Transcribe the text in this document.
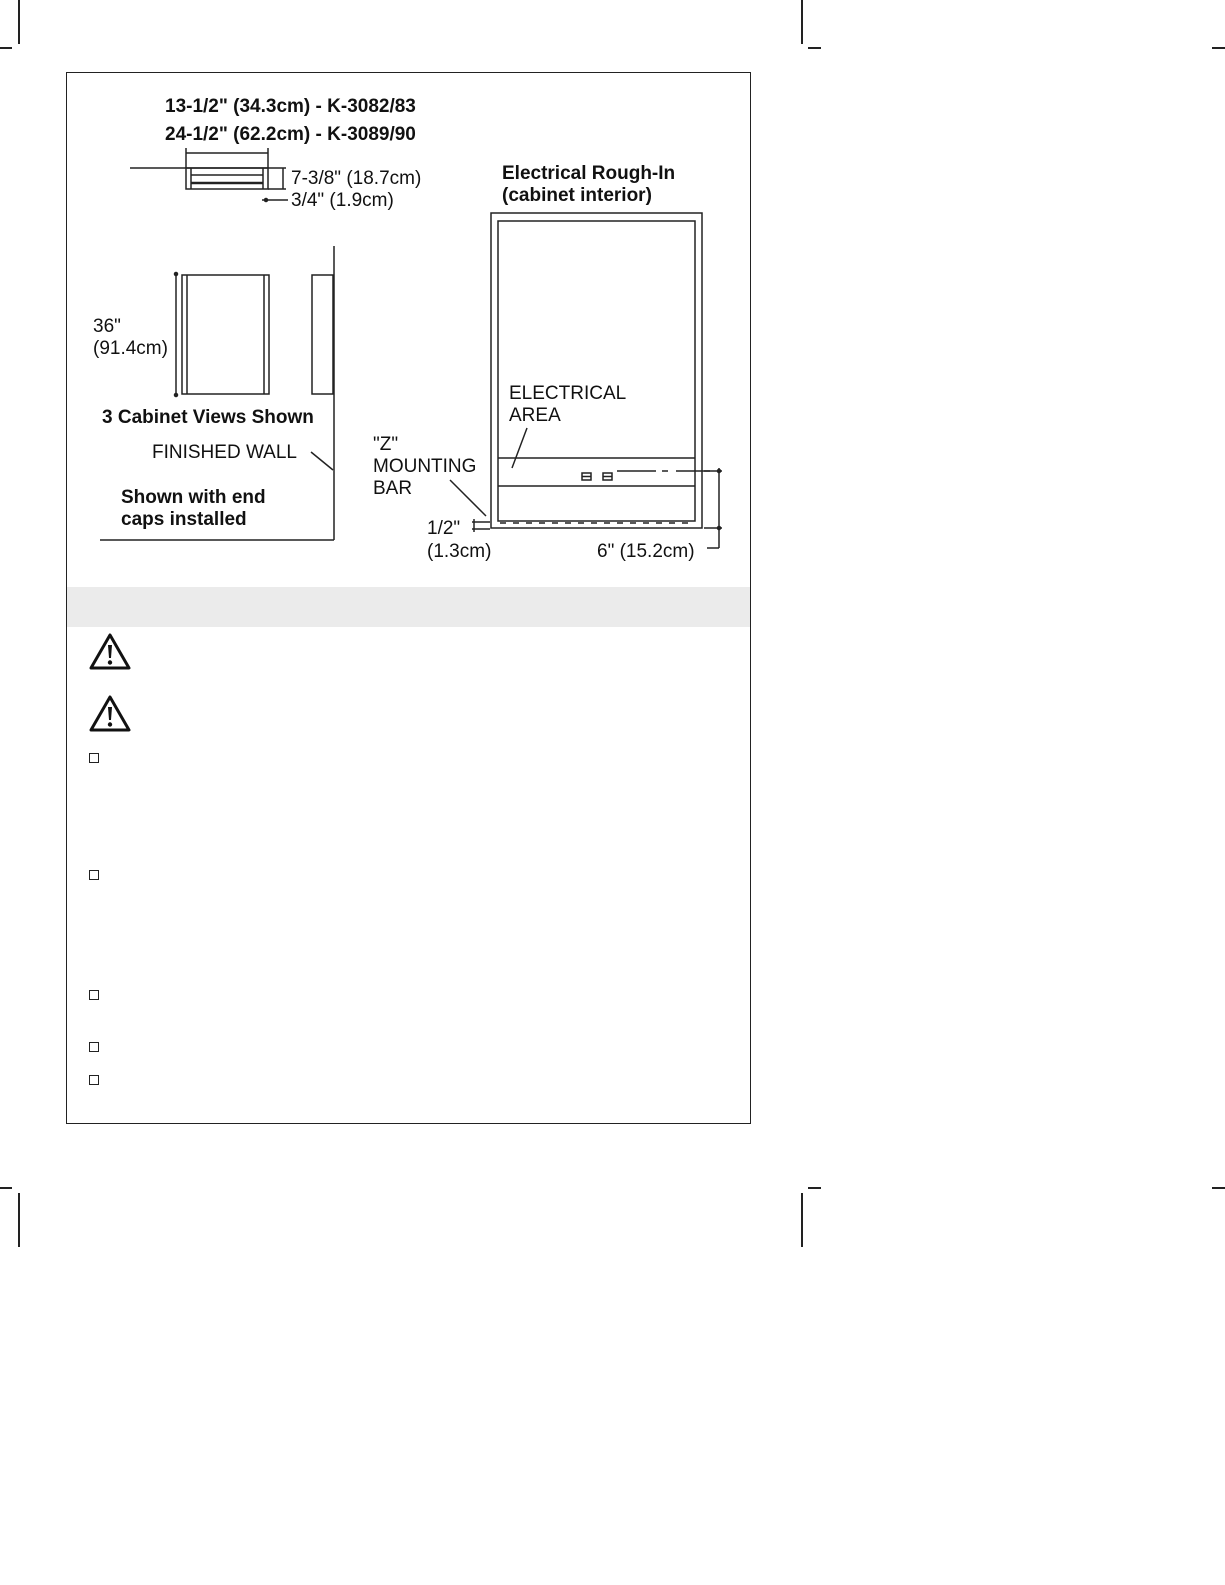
13-1/2" (34.3cm) - K-3082/83
24-1/2" (62.2cm) - K-3089/90
7-3/8" (18.7cm)
3/4" (1.9cm)
36"
(91.4cm)
3 Cabinet Views Shown
FINISHED WALL
Shown with end
caps installed
Electrical Rough-In
(cabinet interior)
ELECTRICAL
AREA
"Z"
MOUNTING
BAR
1/2"
(1.3cm)	6" (15.2cm)
